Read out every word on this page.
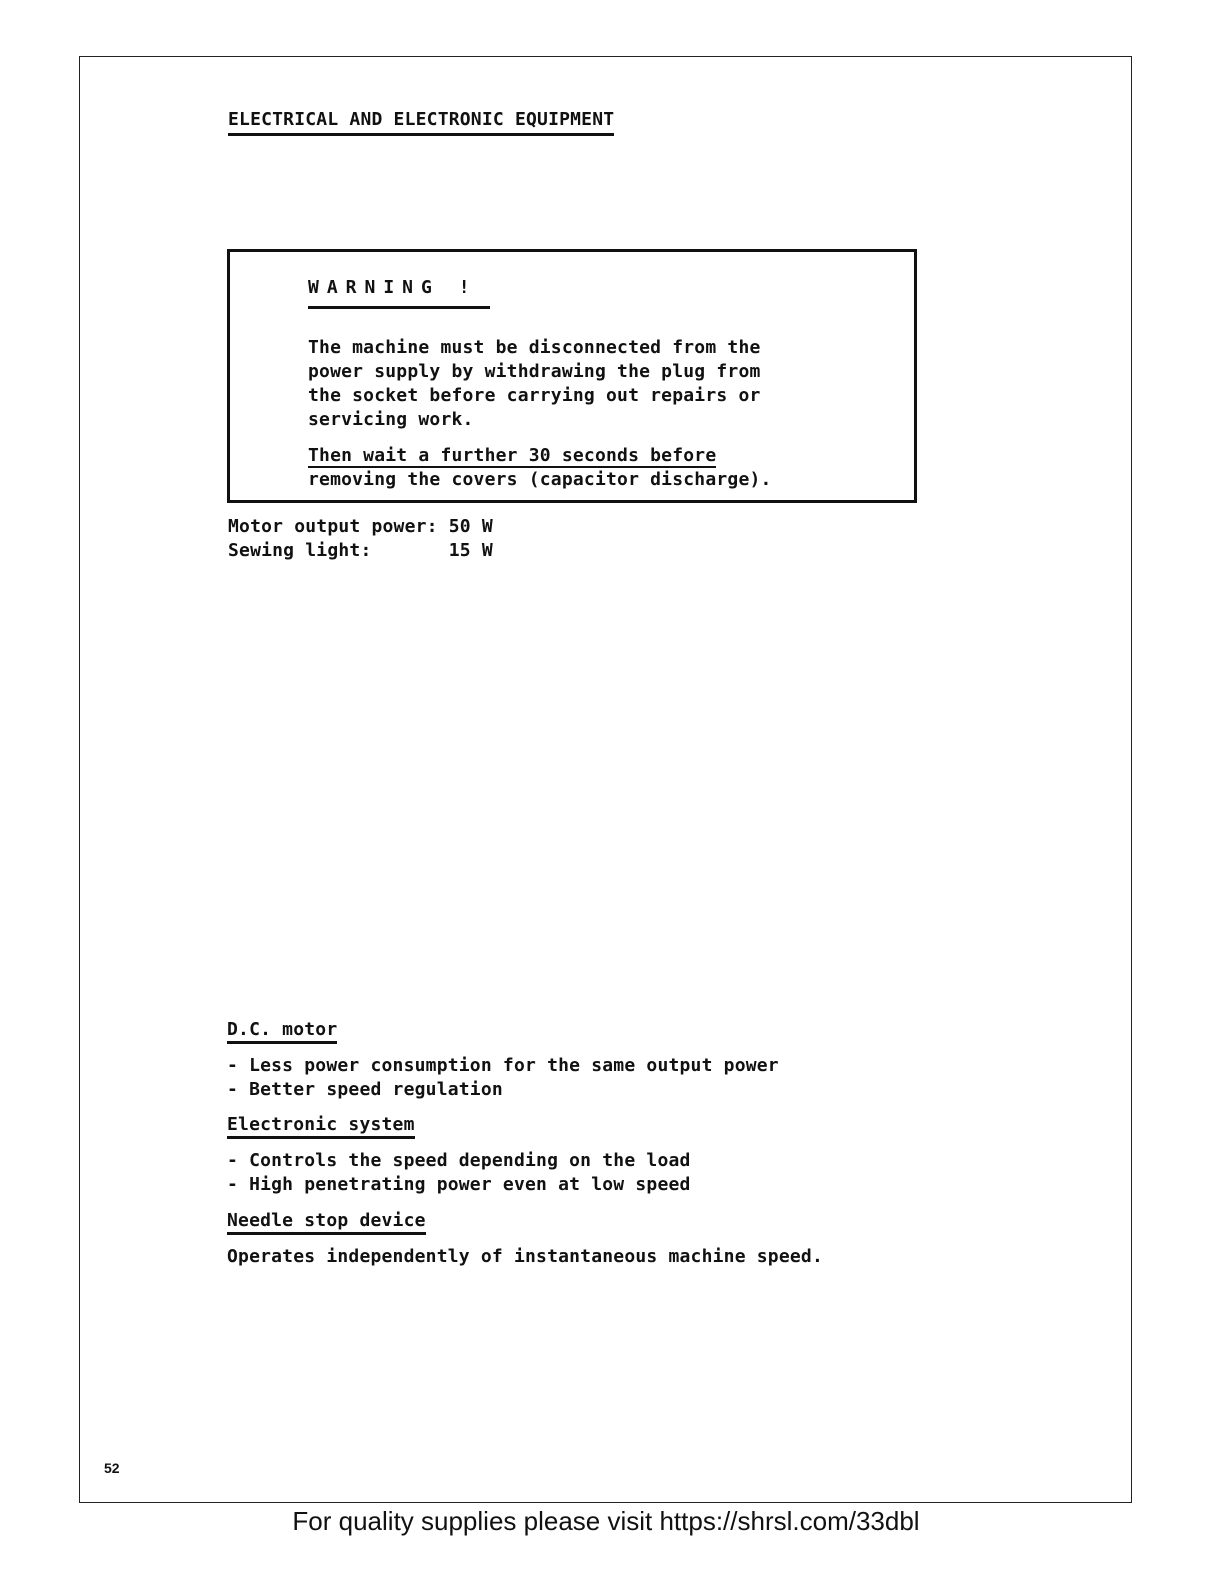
ELECTRICAL AND ELECTRONIC EQUIPMENT
WARNING !
The machine must be disconnected from the
power supply by withdrawing the plug from
the socket before carrying out repairs or
servicing work.
Then wait a further 30 seconds before
removing the covers (capacitor discharge).
Motor output power: 50 W
Sewing light:       15 W
D.C. motor
- Less power consumption for the same output power
- Better speed regulation
Electronic system
- Controls the speed depending on the load
- High penetrating power even at low speed
Needle stop device
Operates independently of instantaneous machine speed.
52
For quality supplies please visit https://shrsl.com/33dbl
